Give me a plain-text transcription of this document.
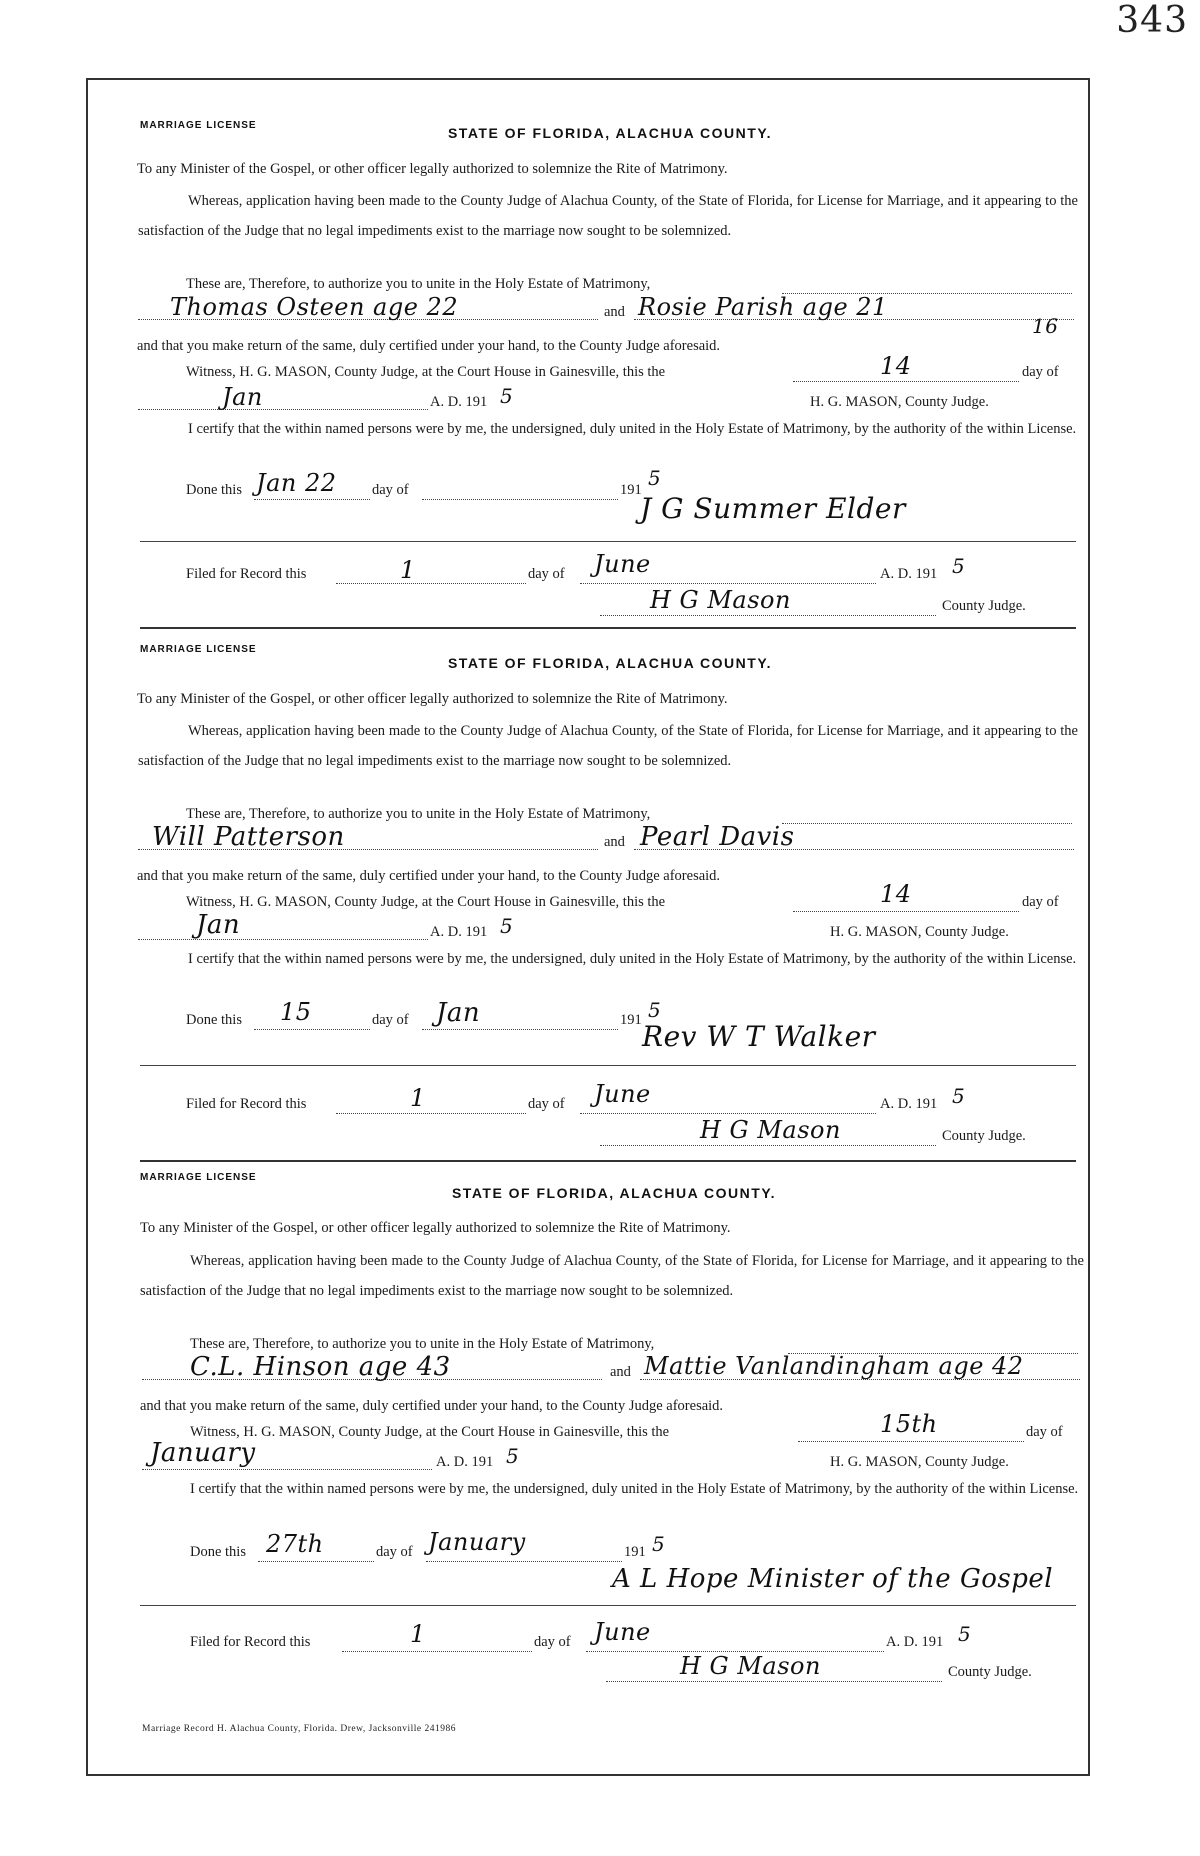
343
MARRIAGE LICENSE	STATE OF FLORIDA, ALACHUA COUNTY.
To any Minister of the Gospel, or other officer legally authorized to solemnize the Rite of Matrimony.
Whereas, application having been made to the County Judge of Alachua County, of the State of Florida, for License for Marriage, and it appearing to the satisfaction of the Judge that no legal impediments exist to the marriage now sought to be solemnized.
These are, Therefore, to authorize you to unite in the Holy Estate of Matrimony,
Thomas Osteen age 22	and Rosie Parish age 21
16
and that you make return of the same, duly certified under your hand, to the County Judge aforesaid.
Witness, H. G. MASON, County Judge, at the Court House in Gainesville, this the	14	day of
Jan	A. D. 191 5	H. G. MASON, County Judge.
I certify that the within named persons were by me, the undersigned, duly united in the Holy Estate of Matrimony, by the authority of the within License.
Done this Jan 22 day of	191 5
J G Summer Elder
Filed for Record this	1	day of June	A. D. 191 5
H G Mason	County Judge.
MARRIAGE LICENSE
STATE OF FLORIDA, ALACHUA COUNTY.
To any Minister of the Gospel, or other officer legally authorized to solemnize the Rite of Matrimony.
Whereas, application having been made to the County Judge of Alachua County, of the State of Florida, for License for Marriage, and it appearing to the satisfaction of the Judge that no legal impediments exist to the marriage now sought to be solemnized.
These are, Therefore, to authorize you to unite in the Holy Estate of Matrimony,
Will Patterson	and Pearl Davis
and that you make return of the same, duly certified under your hand, to the County Judge aforesaid.
Witness, H. G. MASON, County Judge, at the Court House in Gainesville, this the	14	day of
Jan	A. D. 191 5	H. G. MASON, County Judge.
I certify that the within named persons were by me, the undersigned, duly united in the Holy Estate of Matrimony, by the authority of the within License.
Done this 15	day of Jan	191 5
Rev W T Walker
Filed for Record this	1	day of June	A. D. 191 5
H G Mason	County Judge.
MARRIAGE LICENSE
STATE OF FLORIDA, ALACHUA COUNTY.
To any Minister of the Gospel, or other officer legally authorized to solemnize the Rite of Matrimony.
Whereas, application having been made to the County Judge of Alachua County, of the State of Florida, for License for Marriage, and it appearing to the satisfaction of the Judge that no legal impediments exist to the marriage now sought to be solemnized.
These are, Therefore, to authorize you to unite in the Holy Estate of Matrimony,
C.L. Hinson age 43	and Mattie Vanlandingham age 42
and that you make return of the same, duly certified under your hand, to the County Judge aforesaid.
Witness, H. G. MASON, County Judge, at the Court House in Gainesville, this the	15th	day of
January	A. D. 191 5	H. G. MASON, County Judge.
I certify that the within named persons were by me, the undersigned, duly united in the Holy Estate of Matrimony, by the authority of the within License.
Done this 27th	day of January	191 5
A L Hope Minister of the Gospel
Filed for Record this	1	day of June	A. D. 191 5
H G Mason	County Judge.
Marriage Record H. Alachua County, Florida. Drew, Jacksonville 241986
